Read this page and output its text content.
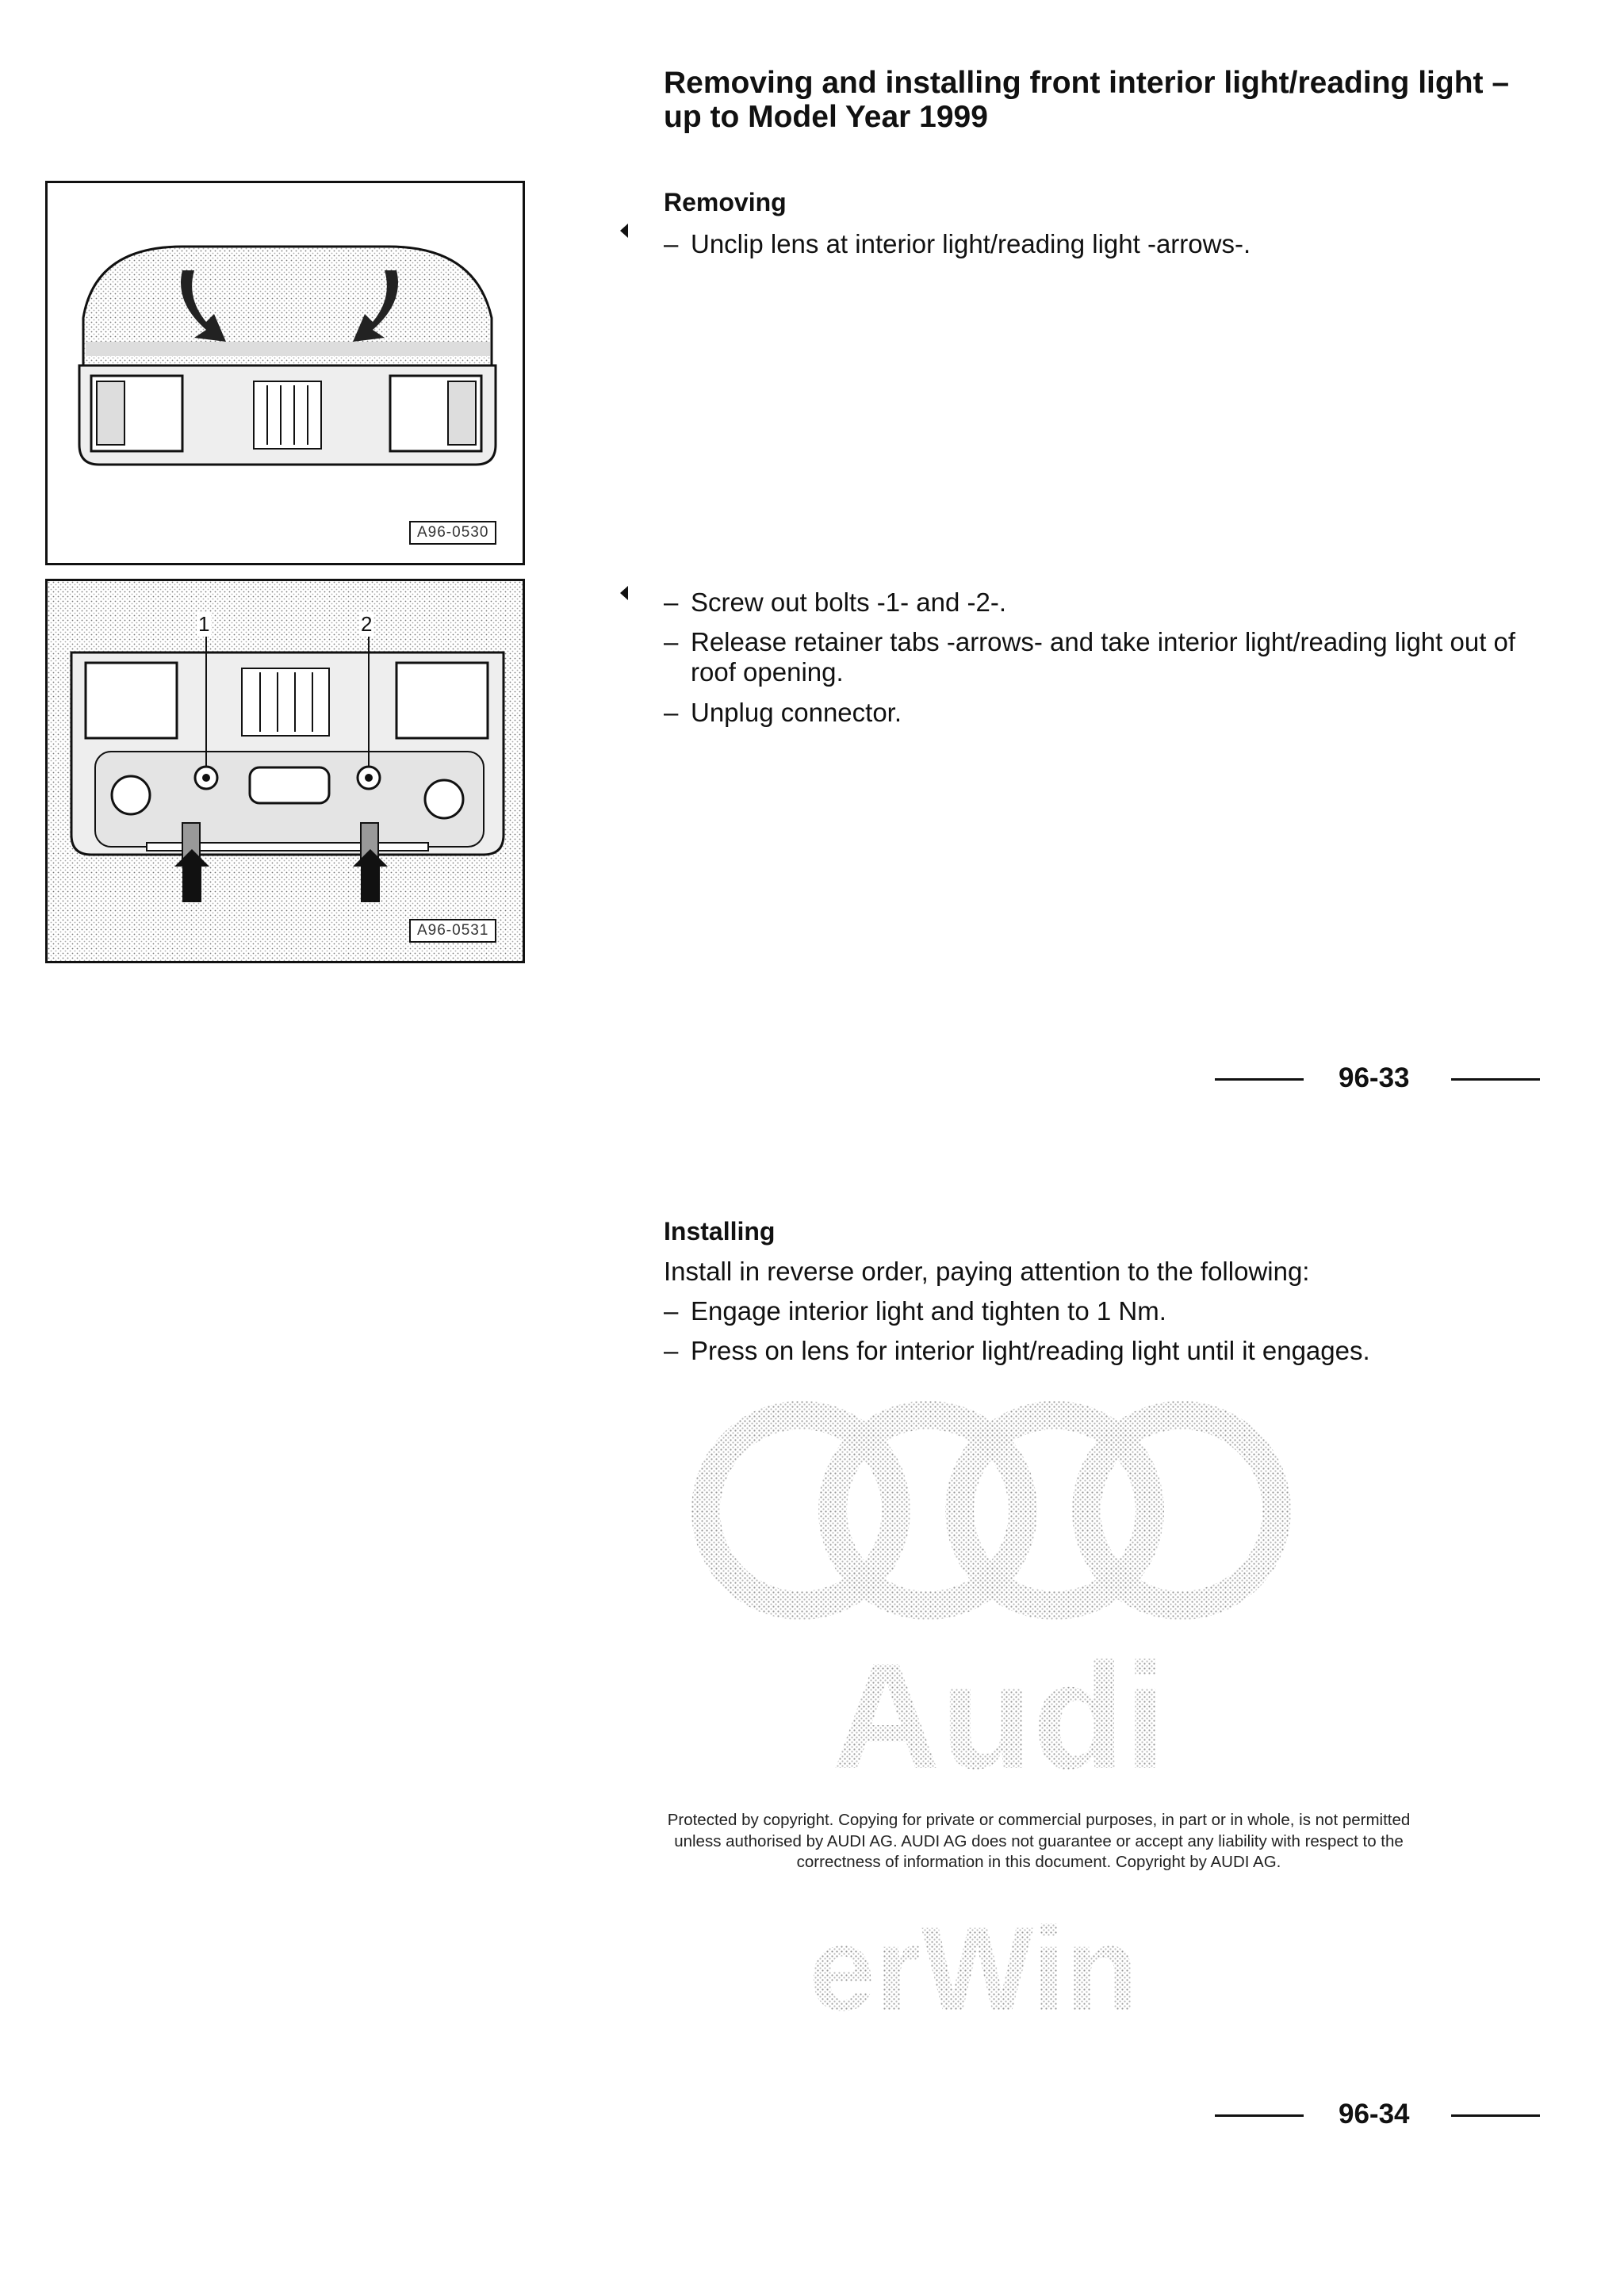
Removing and installing front interior light/reading light – up to Model Year 1999
Removing
– Unclip lens at interior light/reading light -arrows-.
A96-0530
– Screw out bolts -1- and -2-.
– Release retainer tabs -arrows- and take interior light/reading light out of roof opening.
– Unplug connector.
1	2
A96-0531
96-33
Installing
Install in reverse order, paying attention to the following:
– Engage interior light and tighten to 1 Nm.
– Press on lens for interior light/reading light until it engages.
Audi
Protected by copyright. Copying for private or commercial purposes, in part or in whole, is not permitted unless authorised by AUDI AG. AUDI AG does not guarantee or accept any liability with respect to the correctness of information in this document. Copyright by AUDI AG.
erWin
96-34
